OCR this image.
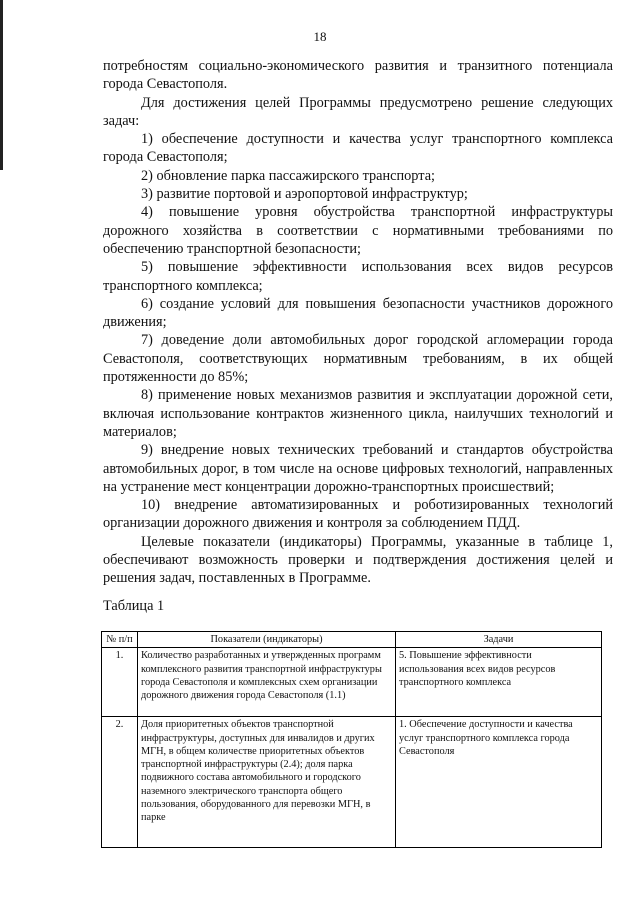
18

потребностям социально-экономического развития и транзитного потенциала города Севастополя.

Для достижения целей Программы предусмотрено решение следующих задач:

1) обеспечение доступности и качества услуг транспортного комплекса города Севастополя;

2) обновление парка пассажирского транспорта;

3) развитие портовой и аэропортовой инфраструктур;

4) повышение уровня обустройства транспортной инфраструктуры дорожного хозяйства в соответствии с нормативными требованиями по обеспечению транспортной безопасности;

5) повышение эффективности использования всех видов ресурсов транспортного комплекса;

6) создание условий для повышения безопасности участников дорожного движения;

7) доведение доли автомобильных дорог городской агломерации города Севастополя, соответствующих нормативным требованиям, в их общей протяженности до 85%;

8) применение новых механизмов развития и эксплуатации дорожной сети, включая использование контрактов жизненного цикла, наилучших технологий и материалов;

9) внедрение новых технических требований и стандартов обустройства автомобильных дорог, в том числе на основе цифровых технологий, направленных на устранение мест концентрации дорожно-транспортных происшествий;

10) внедрение автоматизированных и роботизированных технологий организации дорожного движения и контроля за соблюдением ПДД.

Целевые показатели (индикаторы) Программы, указанные в таблице 1, обеспечивают возможность проверки и подтверждения достижения целей и решения задач, поставленных в Программе.

Таблица 1
№ п/п	Показатели (индикаторы)	Задачи
1.	Количество разработанных и утвержденных программ комплексного развития транспортной инфраструктуры города Севастополя и комплексных схем организации дорожного движения города Севастополя (1.1)	5. Повышение эффективности использования всех видов ресурсов транспортного комплекса
2.	Доля приоритетных объектов транспортной инфраструктуры, доступных для инвалидов и других МГН, в общем количестве приоритетных объектов транспортной инфраструктуры (2.4); доля парка подвижного состава автомобильного и городского наземного электрического транспорта общего пользования, оборудованного для перевозки МГН, в парке	1. Обеспечение доступности и качества услуг транспортного комплекса города Севастополя
